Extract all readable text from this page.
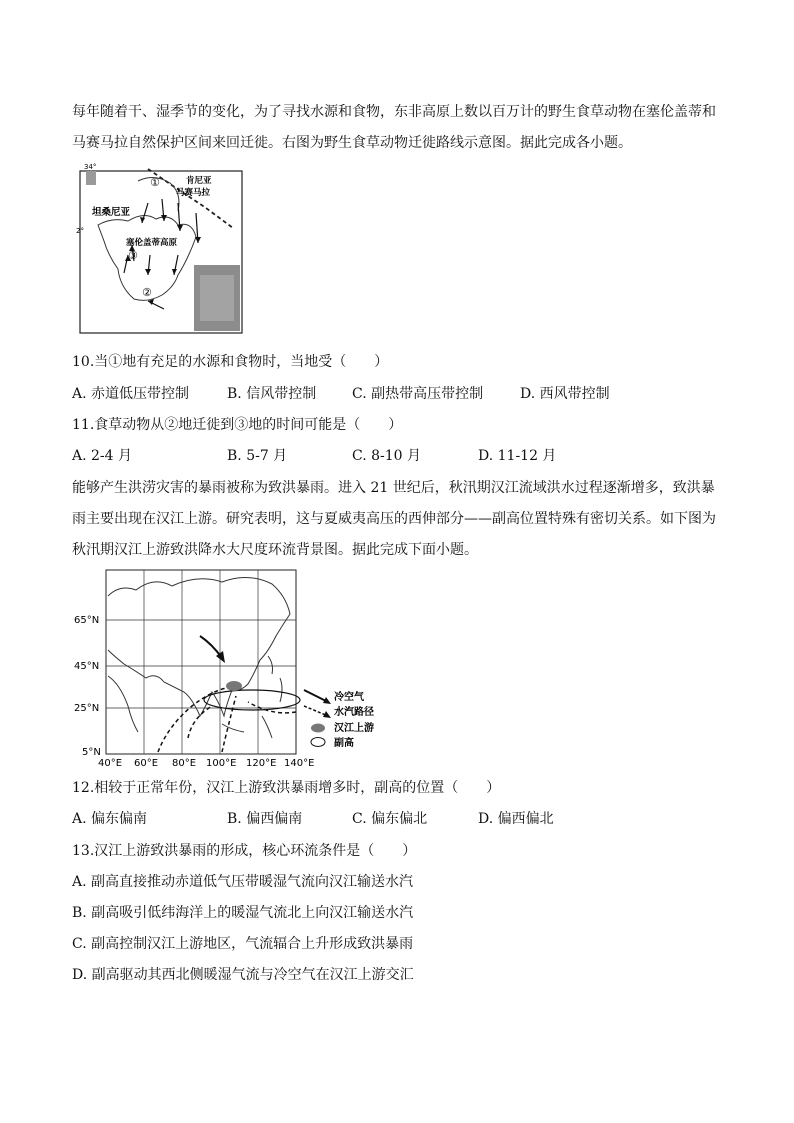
每年随着干、湿季节的变化，为了寻找水源和食物，东非高原上数以百万计的野生食草动物在塞伦盖蒂和
马赛马拉自然保护区间来回迁徙。右图为野生食草动物迁徙路线示意图。据此完成各小题。
34°
2°
肯尼亚
马赛马拉
坦桑尼亚
塞伦盖蒂高原
①
②
③
10.当①地有充足的水源和食物时，当地受（　　）
A. 赤道低压带控制	B. 信风带控制	C. 副热带高压带控制	D. 西风带控制
11.食草动物从②地迁徙到③地的时间可能是（　　）
A. 2-4 月	B. 5-7 月	C. 8-10 月	D. 11-12 月
能够产生洪涝灾害的暴雨被称为致洪暴雨。进入 21 世纪后，秋汛期汉江流域洪水过程逐渐增多，致洪暴
雨主要出现在汉江上游。研究表明，这与夏威夷高压的西伸部分——副高位置特殊有密切关系。如下图为
秋汛期汉江上游致洪降水大尺度环流背景图。据此完成下面小题。
冷空气
水汽路径
汉江上游
副高
65°N
45°N
25°N
5°N
40°E 60°E 80°E 100°E 120°E 140°E
12.相较于正常年份，汉江上游致洪暴雨增多时，副高的位置（　　）
A. 偏东偏南	B. 偏西偏南	C. 偏东偏北	D. 偏西偏北
13.汉江上游致洪暴雨的形成，核心环流条件是（　　）
A. 副高直接推动赤道低气压带暖湿气流向汉江输送水汽
B. 副高吸引低纬海洋上的暖湿气流北上向汉江输送水汽
C. 副高控制汉江上游地区，气流辐合上升形成致洪暴雨
D. 副高驱动其西北侧暖湿气流与冷空气在汉江上游交汇
